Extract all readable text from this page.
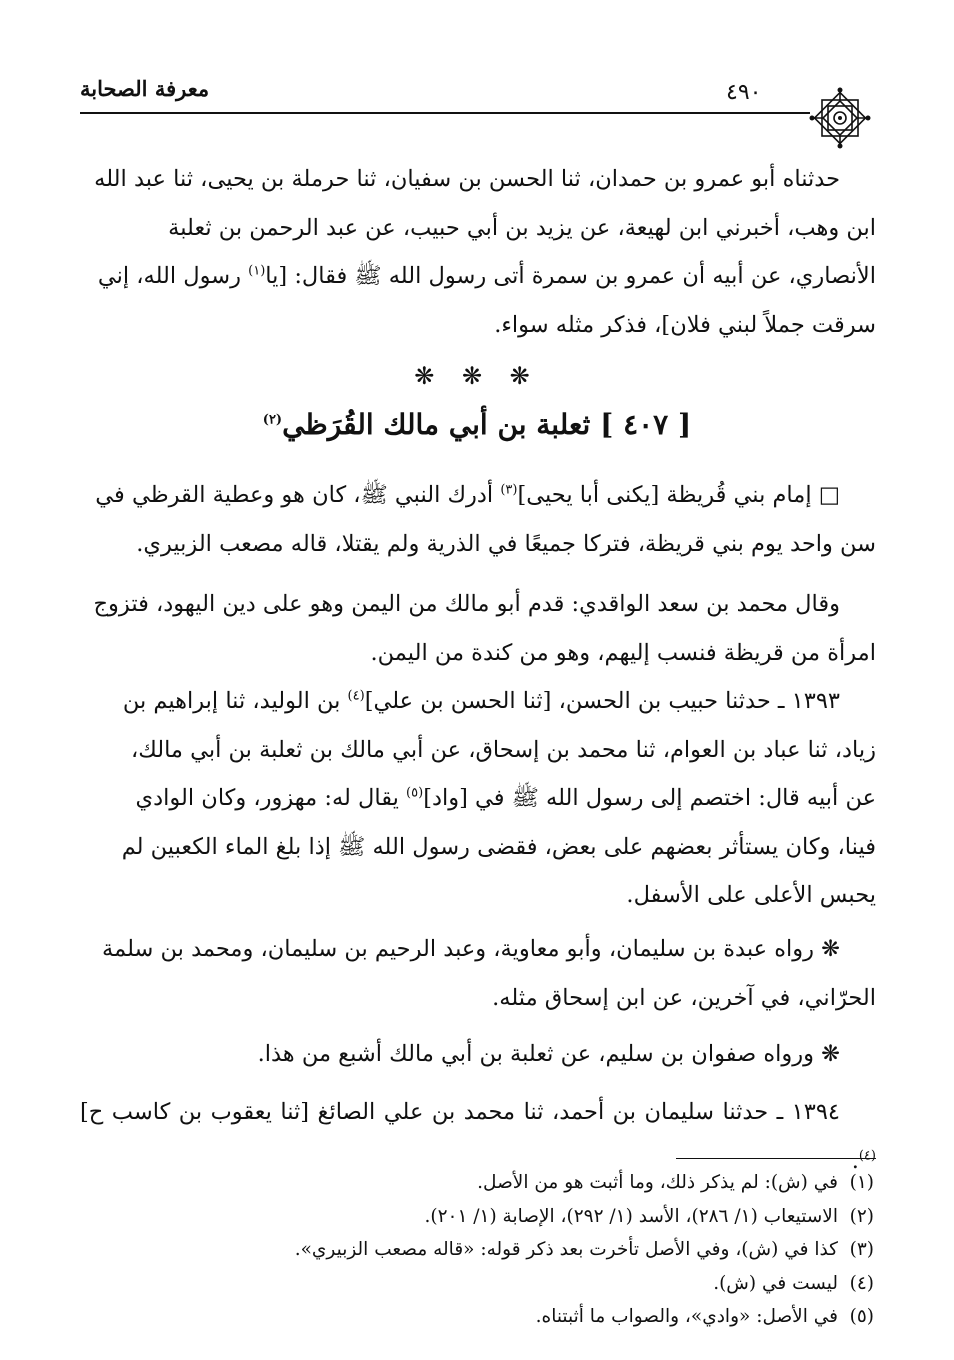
معرفة الصحابة	٤٩٠

حدثناه أبو عمرو بن حمدان، ثنا الحسن بن سفيان، ثنا حرملة بن يحيى، ثنا عبد الله

ابن وهب، أخبرني ابن لهيعة، عن يزيد بن أبي حبيب، عن عبد الرحمن بن ثعلبة

الأنصاري، عن أبيه أن عمرو بن سمرة أتى رسول الله ﷺ فقال: [يا$^{(١)}$ رسول الله، إني

سرقت جملاً لبني فلان]، فذكر مثله سواء.

❋ ❋ ❋
[ ٤٠٧ ] ثعلبة بن أبي مالك القُرَظي$^{(٢)}$

□ إمام بني قُريظة [يكنى أبا يحيى]$^{(٣)}$ أدرك النبي ﷺ، كان هو وعطية القرظي في

سن واحد يوم بني قريظة، فتركا جميعًا في الذرية ولم يقتلا، قاله مصعب الزبيري.

وقال محمد بن سعد الواقدي: قدم أبو مالك من اليمن وهو على دين اليهود، فتزوج

امرأة من قريظة فنسب إليهم، وهو من كندة من اليمن.

١٣٩٣ ـ حدثنا حبيب بن الحسن، [ثنا الحسن بن علي]$^{(٤)}$ بن الوليد، ثنا إبراهيم بن

زياد، ثنا عباد بن العوام، ثنا محمد بن إسحاق، عن أبي مالك بن ثعلبة بن أبي مالك،

عن أبيه قال: اختصم إلى رسول الله ﷺ في [واد]$^{(٥)}$ يقال له: مهزور، وكان الوادي

فينا، وكان يستأثر بعضهم على بعض، فقضى رسول الله ﷺ إذا بلغ الماء الكعبين لم

يحبس الأعلى على الأسفل.

❋ رواه عبدة بن سليمان، وأبو معاوية، وعبد الرحيم بن سليمان، ومحمد بن سلمة

الحرّاني، في آخرين، عن ابن إسحاق مثله.

❋ ورواه صفوان بن سليم، عن ثعلبة بن أبي مالك أشبع من هذا.

١٣٩٤ ـ حدثنا سليمان بن أحمد، ثنا محمد بن علي الصائغ [ثنا يعقوب بن كاسب ح]$^{(٤)}$.

(١)في (ش): لم يذكر ذلك، وما أثبت هو من الأصل.
(٢)الاستيعاب (١/ ٢٨٦)، الأسد (١/ ٢٩٢)، الإصابة (١/ ٢٠١).
(٣)كذا في (ش)، وفي الأصل تأخرت بعد ذكر قوله: «قاله مصعب الزبيري».
(٤)ليست في (ش).
(٥)في الأصل: «وادي»، والصواب ما أثبتناه.
